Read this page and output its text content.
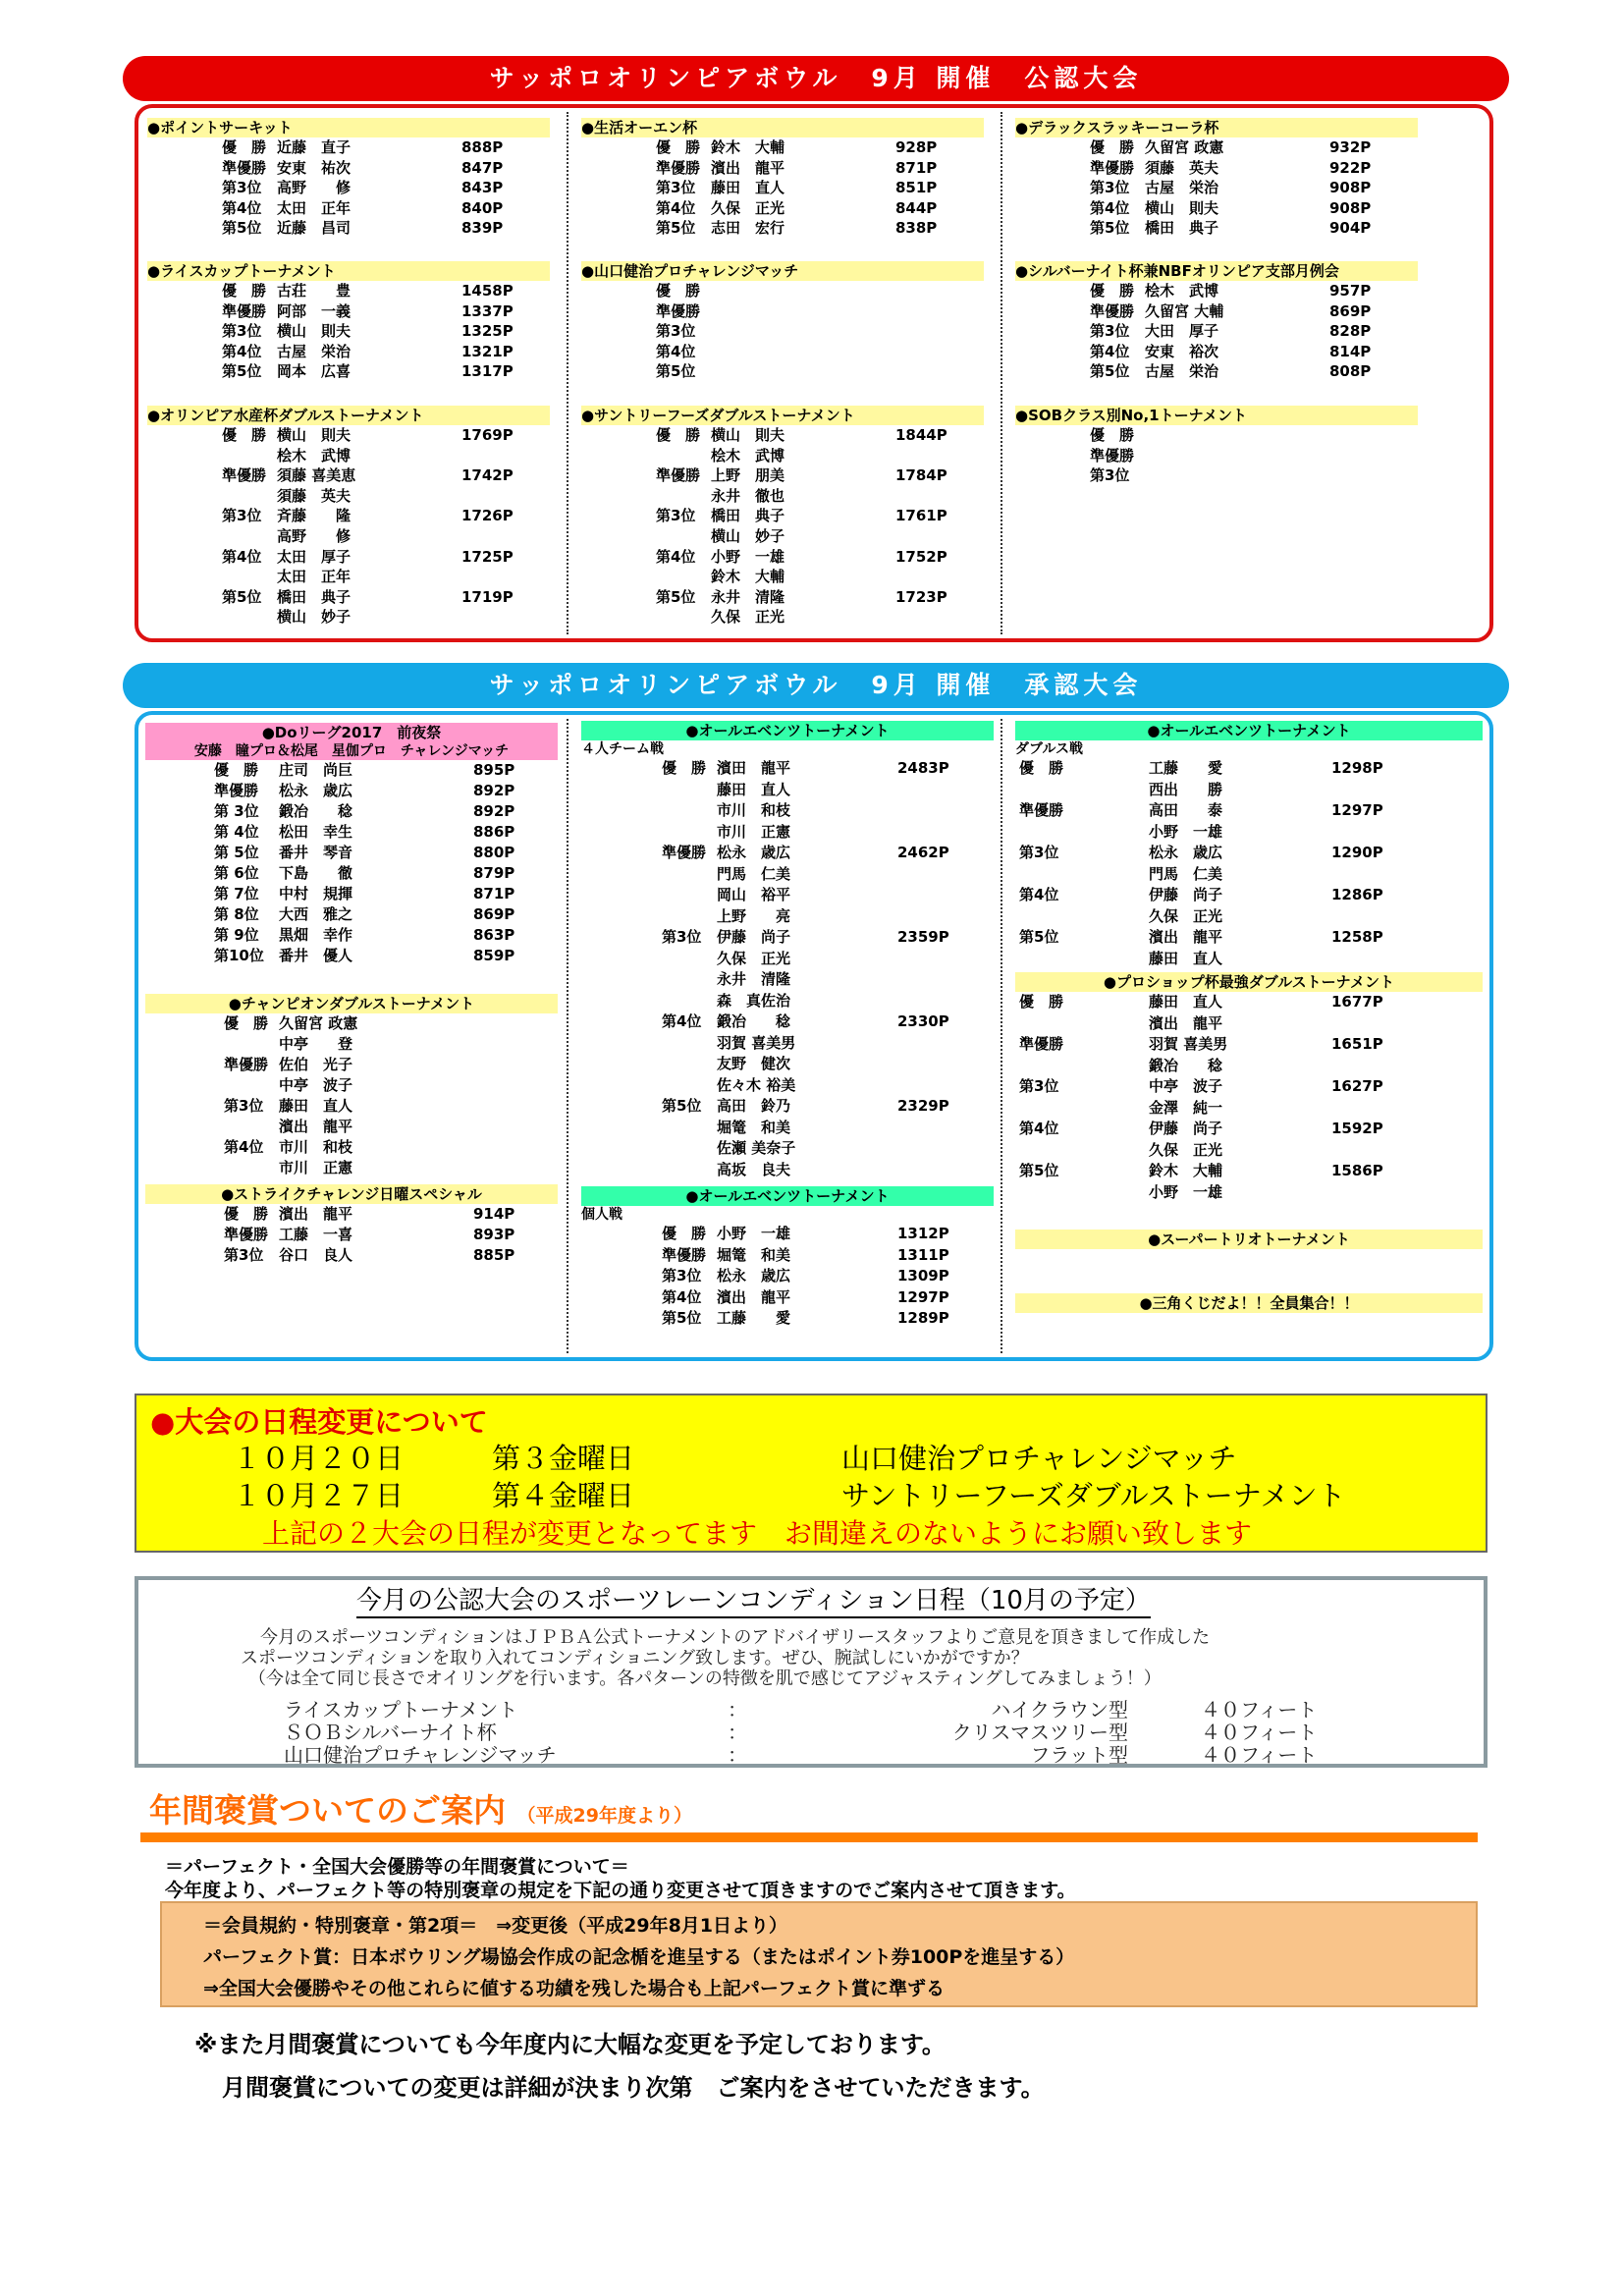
サッポロオリンピアボウル　9月 開催　公認大会
サッポロオリンピアボウル　9月 開催　承認大会
●ポイントサーキット
優　勝 近藤　直子	888P
準優勝 安東　祐次	847P
第3位 高野　　修	843P
第4位 太田　正年	840P
第5位 近藤　昌司	839P
●ライスカップトーナメント
優　勝 古荘　　豊	1458P
準優勝 阿部　一義	1337P
第3位 横山　則夫	1325P
第4位 古屋　栄治	1321P
第5位 岡本　広喜	1317P
●オリンピア水産杯ダブルストーナメント
優　勝 横山　則夫	1769P
桧木　武博
準優勝 須藤 喜美恵	1742P
須藤　英夫
第3位 斉藤　　隆	1726P
高野　　修
第4位 太田　厚子	1725P
太田　正年
第5位 橋田　典子	1719P
横山　妙子
●生活オーエン杯
優　勝 鈴木　大輔	928P
準優勝 濱出　龍平	871P
第3位 藤田　直人	851P
第4位 久保　正光	844P
第5位 志田　宏行	838P
●山口健治プロチャレンジマッチ
優　勝
準優勝
第3位
第4位
第5位
●サントリーフーズダブルストーナメント
優　勝 横山　則夫	1844P
桧木　武博
準優勝 上野　朋美	1784P
永井　徹也
第3位 橋田　典子	1761P
横山　妙子
第4位 小野　一雄	1752P
鈴木　大輔
第5位 永井　清隆	1723P
久保　正光
●デラックスラッキーコーラ杯
優　勝 久留宮 政憲	932P
準優勝 須藤　英夫	922P
第3位 古屋　栄治	908P
第4位 横山　則夫	908P
第5位 橋田　典子	904P
●シルバーナイト杯兼NBFオリンピア支部月例会
優　勝 桧木　武博	957P
準優勝 久留宮 大輔	869P
第3位 大田　厚子	828P
第4位 安東　裕次	814P
第5位 古屋　栄治	808P
●SOBクラス別No,1トーナメント
優　勝
準優勝
第3位
●Doリーグ2017　前夜祭
安藤　瞳プロ＆松尾　星伽プロ　チャレンジマッチ
優　勝 庄司　尚巨	895P
準優勝 松永　歳広	892P
第 3位 鍛冶　　稔	892P
第 4位 松田　幸生	886P
第 5位 番井　琴音	880P
第 6位 下島　　徹	879P
第 7位 中村　規揮	871P
第 8位 大西　雅之	869P
第 9位 黒畑　幸作	863P
第10位 番井　優人	859P
●チャンピオンダブルストーナメント
優　勝 久留宮 政憲
中亭　　登
準優勝 佐伯　光子
中亭　波子
第3位 藤田　直人
濱出　龍平
第4位 市川　和枝
市川　正憲
●ストライクチャレンジ日曜スペシャル
優　勝 濱出　龍平	914P
準優勝 工藤　一喜	893P
第3位 谷口　良人	885P
●オールエベンツトーナメント
４人チーム戦
優　勝 濱田　龍平	2483P
藤田　直人
市川　和枝
市川　正憲
準優勝 松永　歳広	2462P
門馬　仁美
岡山　裕平
上野　　亮
第3位 伊藤　尚子	2359P
久保　正光
永井　清隆
森　真佐治
第4位 鍛冶　　稔	2330P
羽賀 喜美男
友野　健次
佐々木 裕美
第5位 高田　鈴乃	2329P
堀篭　和美
佐瀬 美奈子
高坂　良夫
●オールエベンツトーナメント
個人戦
優　勝 小野　一雄	1312P
準優勝 堀篭　和美	1311P
第3位 松永　歳広	1309P
第4位 濱出　龍平	1297P
第5位 工藤　　愛	1289P
●オールエベンツトーナメント
ダブルス戦
優　勝	工藤　　愛	1298P
西出　　勝
準優勝	高田　　泰	1297P
小野　一雄
第3位	松永　歳広	1290P
門馬　仁美
第4位	伊藤　尚子	1286P
久保　正光
第5位	濱出　龍平	1258P
藤田　直人
●プロショップ杯最強ダブルストーナメント
優　勝	藤田　直人	1677P
濱出　龍平
準優勝	羽賀 喜美男	1651P
鍛冶　　稔
第3位	中亭　波子	1627P
金澤　純一
第4位	伊藤　尚子	1592P
久保　正光
第5位	鈴木　大輔	1586P
小野　一雄
●スーパートリオトーナメント
●三角くじだよ！！全員集合！！
●大会の日程変更について
１０月２０日	第３金曜日	山口健治プロチャレンジマッチ
１０月２７日	第４金曜日	サントリーフーズダブルストーナメント
上記の２大会の日程が変更となってます　お間違えのないようにお願い致します
今月の公認大会のスポーツレーンコンディション日程（10月の予定）
今月のスポーツコンディションはＪＰＢＡ公式トーナメントのアドバイザリースタッフよりご意見を頂きまして作成した
スポーツコンディションを取り入れてコンディショニング致します。ぜひ、腕試しにいかがですか？
（今は全て同じ長さでオイリングを行います。各パターンの特徴を肌で感じてアジャスティングしてみましょう！）
ライスカップトーナメント	：	ハイクラウン型	４０フィート
ＳＯＢシルバーナイト杯	：	クリスマスツリー型	４０フィート
山口健治プロチャレンジマッチ	：	フラット型	４０フィート
年間褒賞ついてのご案内 （平成29年度より）
＝パーフェクト・全国大会優勝等の年間褒賞について＝
今年度より、パーフェクト等の特別褒章の規定を下記の通り変更させて頂きますのでご案内させて頂きます。
＝会員規約・特別褒章・第2項＝　⇒変更後（平成29年8月1日より）
パーフェクト賞：日本ボウリング場協会作成の記念楯を進呈する（またはポイント券100Pを進呈する）
⇒全国大会優勝やその他これらに値する功績を残した場合も上記パーフェクト賞に準ずる
※また月間褒賞についても今年度内に大幅な変更を予定しております。
月間褒賞についての変更は詳細が決まり次第　ご案内をさせていただきます。
